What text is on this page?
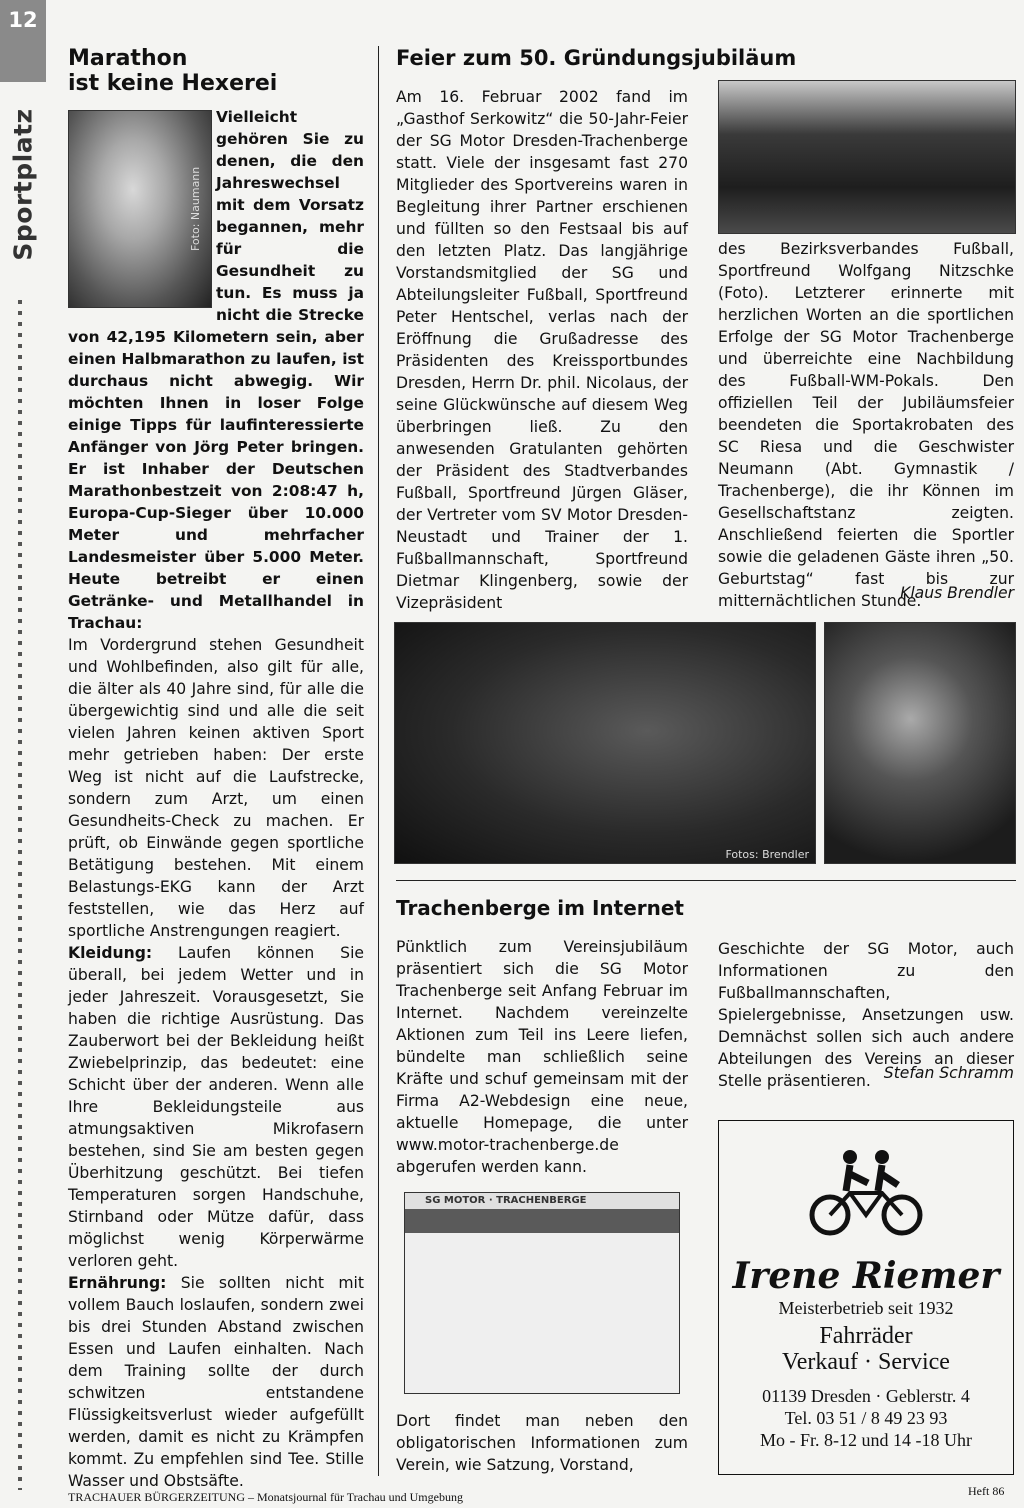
12
Sportplatz
Marathon
ist keine Hexerei
Foto: Naumann

Vielleicht gehören Sie zu denen, die den Jahreswechsel mit dem Vorsatz begannen, mehr für die Gesundheit zu tun. Es muss ja nicht die Strecke von 42,195 Kilometern sein, aber einen Halbmarathon zu laufen, ist durchaus nicht abwegig. Wir möchten Ihnen in loser Folge einige Tipps für laufinteressierte Anfänger von Jörg Peter bringen. Er ist Inhaber der Deutschen Marathonbestzeit von 2:08:47 h, Europa-Cup-Sieger über 10.000 Meter und mehrfacher Landesmeister über 5.000 Meter. Heute betreibt er einen Getränke- und Metallhandel in Trachau:

Im Vordergrund stehen Gesundheit und Wohlbefinden, also gilt für alle, die älter als 40 Jahre sind, für alle die übergewichtig sind und alle die seit vielen Jahren keinen aktiven Sport mehr getrieben haben: Der erste Weg ist nicht auf die Laufstrecke, sondern zum Arzt, um einen Gesundheits-Check zu machen. Er prüft, ob Einwände gegen sportliche Betätigung bestehen. Mit einem Belastungs-EKG kann der Arzt feststellen, wie das Herz auf sportliche Anstrengungen reagiert.

Kleidung: Laufen können Sie überall, bei jedem Wetter und in jeder Jahreszeit. Vorausgesetzt, Sie haben die richtige Ausrüstung. Das Zauberwort bei der Bekleidung heißt Zwiebelprinzip, das bedeutet: eine Schicht über der anderen. Wenn alle Ihre Bekleidungsteile aus atmungsaktiven Mikrofasern bestehen, sind Sie am besten gegen Überhitzung geschützt. Bei tiefen Temperaturen sorgen Handschuhe, Stirnband oder Mütze dafür, dass möglichst wenig Körperwärme verloren geht.

Ernährung: Sie sollten nicht mit vollem Bauch loslaufen, sondern zwei bis drei Stunden Abstand zwischen Essen und Laufen einhalten. Nach dem Training sollte der durch schwitzen entstandene Flüssigkeitsverlust wieder aufgefüllt werden, damit es nicht zu Krämpfen kommt. Zu empfehlen sind Tee. Stille Wasser und Obstsäfte.

Feier zum 50. Gründungsjubiläum

Am 16. Februar 2002 fand im „Gasthof Serkowitz“ die 50-Jahr-Feier der SG Motor Dresden-Trachenberge statt. Viele der insgesamt fast 270 Mitglieder des Sportvereins waren in Begleitung ihrer Partner erschienen und füllten so den Festsaal bis auf den letzten Platz. Das langjährige Vorstandsmitglied der SG und Abteilungsleiter Fußball, Sportfreund Peter Hentschel, verlas nach der Eröffnung die Grußadresse des Präsidenten des Kreissportbundes Dresden, Herrn Dr. phil. Nicolaus, der seine Glückwünsche auf diesem Weg überbringen ließ. Zu den anwesenden Gratulanten gehörten der Präsident des Stadtverbandes Fußball, Sportfreund Jürgen Gläser, der Vertreter vom SV Motor Dresden-Neustadt und Trainer der 1. Fußballmannschaft, Sportfreund Dietmar Klingenberg, sowie der Vizepräsident

des Bezirksverbandes Fußball, Sportfreund Wolfgang Nitzschke (Foto). Letzterer erinnerte mit herzlichen Worten an die sportlichen Erfolge der SG Motor Trachenberge und überreichte eine Nachbildung des Fußball-WM-Pokals. Den offiziellen Teil der Jubiläumsfeier beendeten die Sportakrobaten des SC Riesa und die Geschwister Neumann (Abt. Gymnastik / Trachenberge), die ihr Können im Gesellschaftstanz zeigten. Anschließend feierten die Sportler sowie die geladenen Gäste ihren „50. Geburtstag“ fast bis zur mitternächtlichen Stunde.

Klaus Brendler

Fotos: Brendler
Trachenberge im Internet

Pünktlich zum Vereinsjubiläum präsentiert sich die SG Motor Trachenberge seit Anfang Februar im Internet. Nachdem vereinzelte Aktionen zum Teil ins Leere liefen, bündelte man schließlich seine Kräfte und schuf gemeinsam mit der Firma A2-Webdesign eine neue, aktuelle Homepage, die unter www.motor-trachenberge.de abgerufen werden kann.

SG MOTOR · TRACHENBERGE

Dort findet man neben den obligatorischen Informationen zum Verein, wie Satzung, Vorstand,

Geschichte der SG Motor, auch Informationen zu den Fußballmannschaften, Spielergebnisse, Ansetzungen usw. Demnächst sollen sich auch andere Abteilungen des Vereins an dieser Stelle präsentieren. Stefan Schramm

Irene Riemer
Meisterbetrieb seit 1932
Fahrräder
Verkauf · Service
01139 Dresden · Geblerstr. 4
Tel. 03 51 / 8 49 23 93
Mo - Fr. 8-12 und 14 -18 Uhr
TRACHAUER BÜRGERZEITUNG – Monatsjournal für Trachau und Umgebung	Heft 86
